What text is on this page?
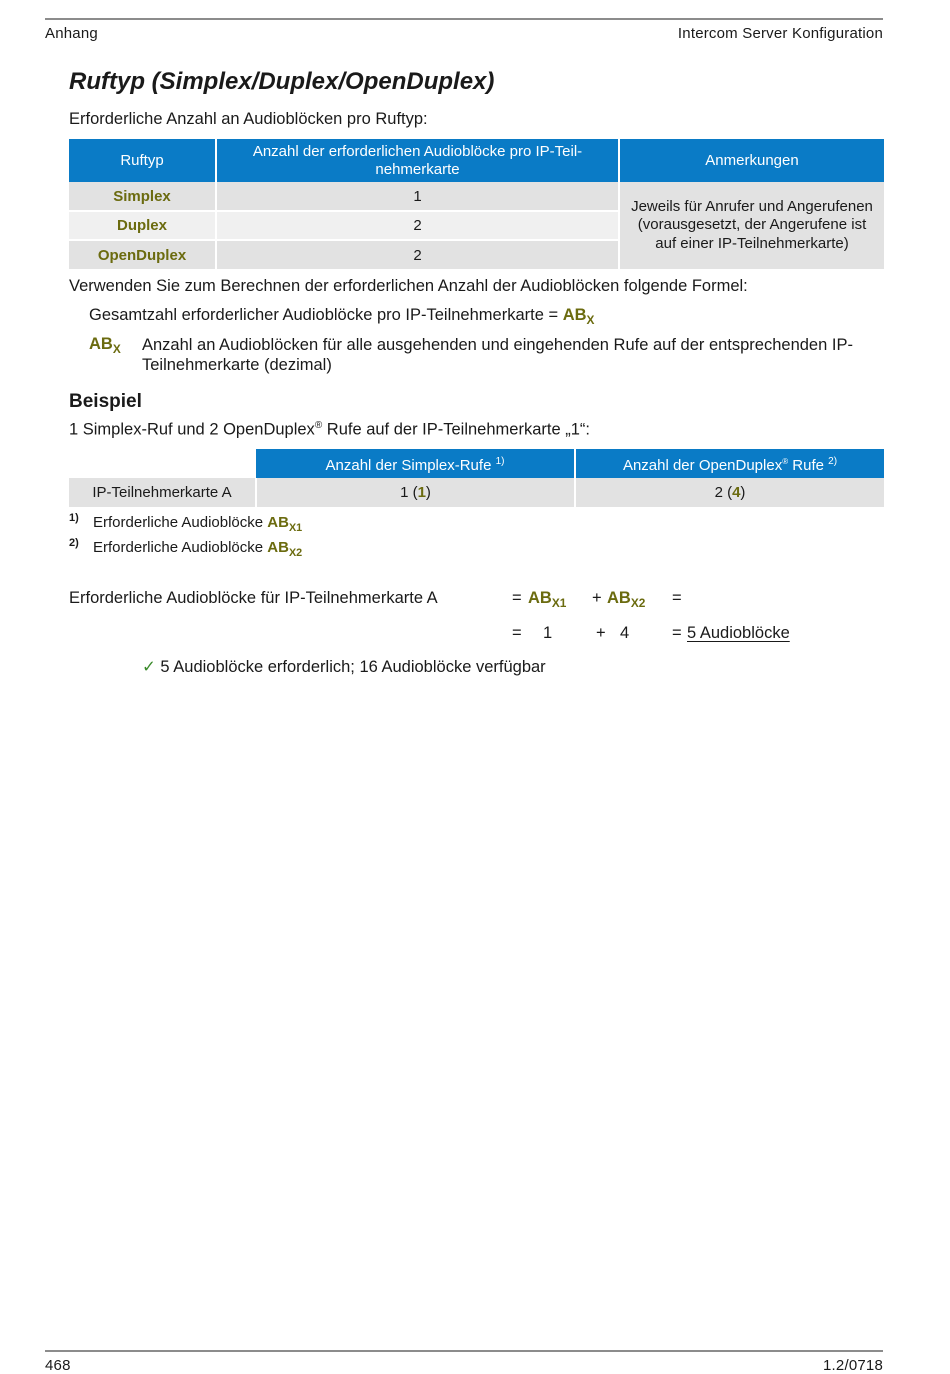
Anhang	Intercom Server Konfiguration
Ruftyp (Simplex/Duplex/OpenDuplex)
Erforderliche Anzahl an Audioblöcken pro Ruftyp:
Ruftyp	Anzahl der erforderlichen Audioblöcke pro IP-Teil-nehmerkarte	Anmerkungen
Simplex	1	Jeweils für Anrufer und Angerufenen (vorausgesetzt, der Angerufene ist auf einer IP-Teilnehmerkarte)
Duplex	2	
OpenDuplex	2	
Verwenden Sie zum Berechnen der erforderlichen Anzahl der Audioblöcken folgende Formel:
Gesamtzahl erforderlicher Audioblöcke pro IP-Teilnehmerkarte = $AB_X$
$AB_X$ Anzahl an Audioblöcken für alle ausgehenden und eingehenden Rufe auf der entsprechenden IP-Teilnehmerkarte (dezimal)
Beispiel
1 Simplex-Ruf und 2 OpenDuplex® Rufe auf der IP-Teilnehmerkarte „1“:
	Anzahl der Simplex-Rufe $^{1)}$	Anzahl der OpenDuplex® Rufe $^{2)}$
IP-Teilnehmerkarte A	1 (1)	2 (4)
1) Erforderliche Audioblöcke $AB_{X1}$
2) Erforderliche Audioblöcke $AB_{X2}$
Erforderliche Audioblöcke für IP-Teilnehmerkarte A	= $AB_{X1} + AB_{X2}$ =
= 1	+ 4	= 5 Audioblöcke
✓ 5 Audioblöcke erforderlich; 16 Audioblöcke verfügbar
468	1.2/0718
